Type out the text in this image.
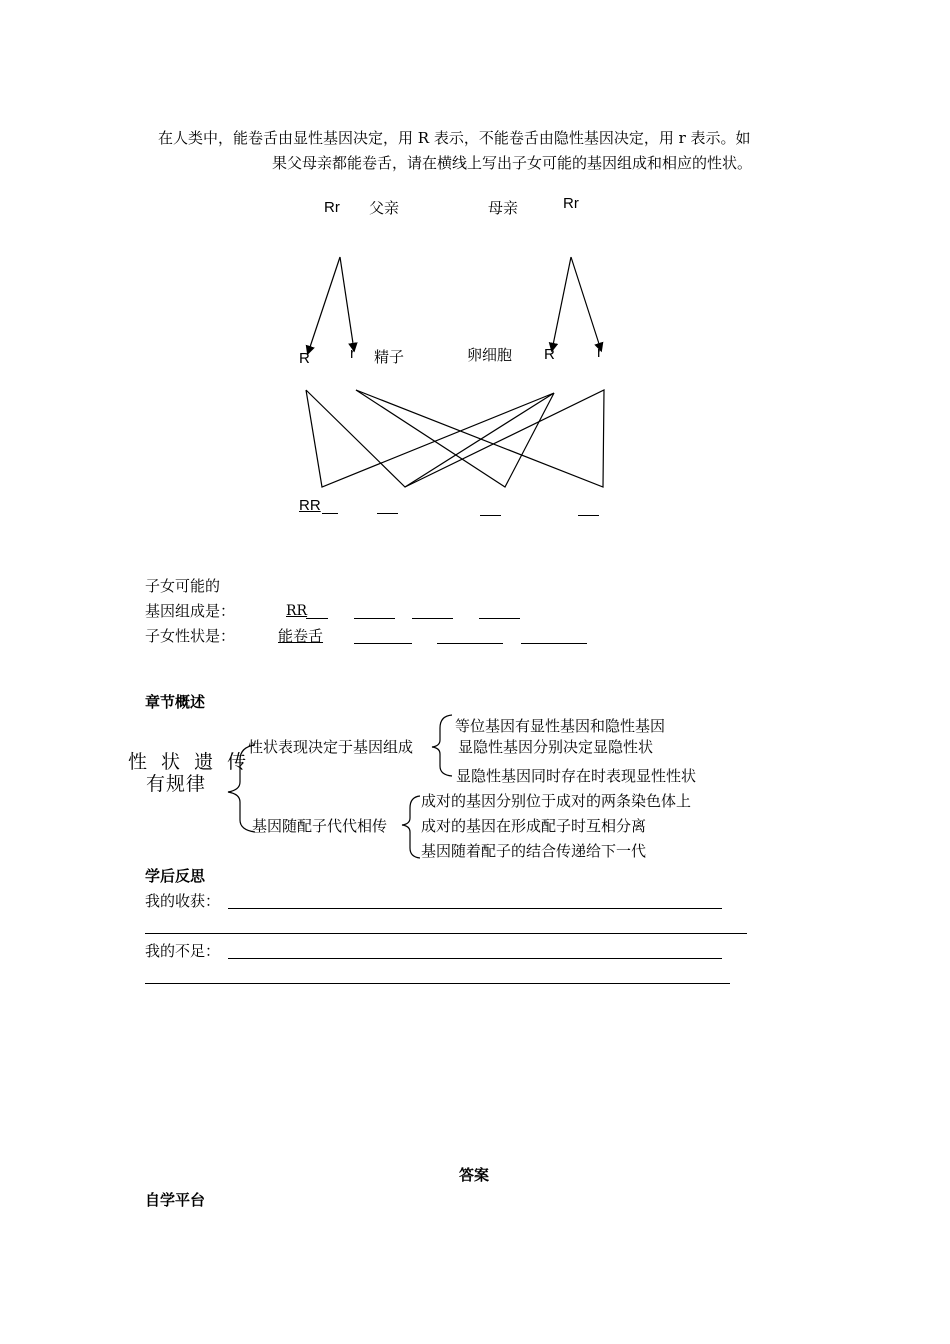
在人类中，能卷舌由显性基因决定，用 R 表示，不能卷舌由隐性基因决定，用 r 表示。如
果父母亲都能卷舌，请在横线上写出子女可能的基因组成和相应的性状。
Rr 父亲	母亲	Rr
R	r 精子	卵细胞 R	r
RR
子女可能的
基因组成是：	RR
子女性状是：	能卷舌
章节概述
性 状 遗 传
有规律
性状表现决定于基因组成
等位基因有显性基因和隐性基因
显隐性基因分别决定显隐性状
显隐性基因同时存在时表现显性性状
基因随配子代代相传
成对的基因分别位于成对的两条染色体上
成对的基因在形成配子时互相分离
基因随着配子的结合传递给下一代
学后反思
我的收获：
我的不足：
答案
自学平台
